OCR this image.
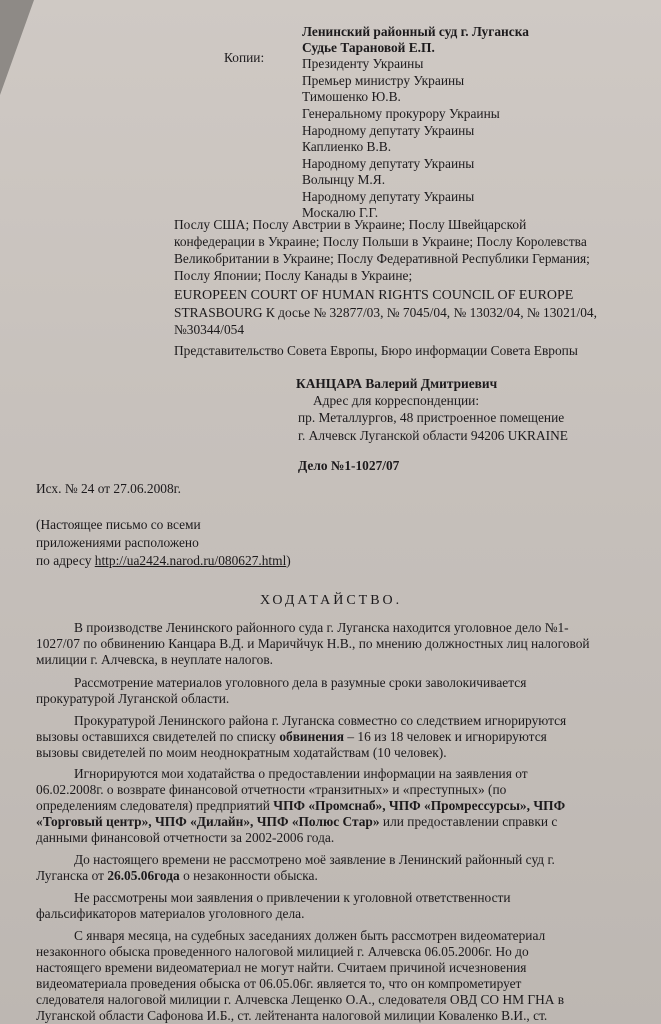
Ленинский районный суд г. Луганска
Судье Тарановой Е.П.
Копии:	Президенту Украины
Премьер министру Украины
Тимошенко Ю.В.
Генеральному прокурору Украины
Народному депутату Украины
Каплиенко В.В.
Народному депутату Украины
Волынцу М.Я.
Народному депутату Украины
Москалю Г.Г.
Послу США; Послу Австрии в Украине; Послу Швейцарской
конфедерации в Украине; Послу Польши в Украине; Послу Королевства
Великобритании в Украине; Послу Федеративной Республики Германия;
Послу Японии; Послу Канады в Украине;
EUROPEEN COURT OF HUMAN RIGHTS COUNCIL OF EUROPE
STRASBOURG К досье № 32877/03, № 7045/04, № 13032/04, № 13021/04,
№30344/054
Представительство Совета Европы, Бюро информации Совета Европы
КАНЦАРА Валерий Дмитриевич
Адрес для корреспонденции:
пр. Металлургов, 48 пристроенное помещение
г. Алчевск Луганской области 94206 UKRAINE
Дело №1-1027/07
Исх. № 24 от 27.06.2008г.
(Настоящее письмо со всеми
приложениями расположено
по адресу http://ua2424.narod.ru/080627.html)
ХОДАТАЙСТВО.
В производстве Ленинского районного суда г. Луганска находится уголовное дело №1-
1027/07 по обвинению Канцара В.Д. и Маричйчук Н.В., по мнению должностных лиц налоговой
милиции г. Алчевска, в неуплате налогов.
Рассмотрение материалов уголовного дела в разумные сроки заволокичивается
прокуратурой Луганской области.
Прокуратурой Ленинского района г. Луганска совместно со следствием игнорируются
вызовы оставшихся свидетелей по списку обвинения – 16 из 18 человек и игнорируются
вызовы свидетелей по моим неоднократным ходатайствам (10 человек).
Игнорируются мои ходатайства о предоставлении информации на заявления от
06.02.2008г. о возврате финансовой отчетности «транзитных» и «преступных» (по
определениям следователя) предприятий ЧПФ «Промснаб», ЧПФ «Промрессурсы», ЧПФ
«Торговый центр», ЧПФ «Дилайн», ЧПФ «Полюс Стар» или предоставлении справки с
данными финансовой отчетности за 2002-2006 года.
До настоящего времени не рассмотрено моё заявление в Ленинский районный суд г.
Луганска от 26.05.06года о незаконности обыска.
Не рассмотрены мои заявления о привлечении к уголовной ответственности
фальсификаторов материалов уголовного дела.
С января месяца, на судебных заседаниях должен быть рассмотрен видеоматериал
незаконного обыска проведенного налоговой милицией г. Алчевска 06.05.2006г. Но до
настоящего времени видеоматериал не могут найти. Считаем причиной исчезновения
видеоматериала проведения обыска от 06.05.06г. является то, что он компрометирует
следователя налоговой милиции г. Алчевска Лещенко О.А., следователя ОВД СО НМ ГНА в
Луганской области Сафонова И.Б., ст. лейтенанта налоговой милиции Коваленко В.И., ст.
